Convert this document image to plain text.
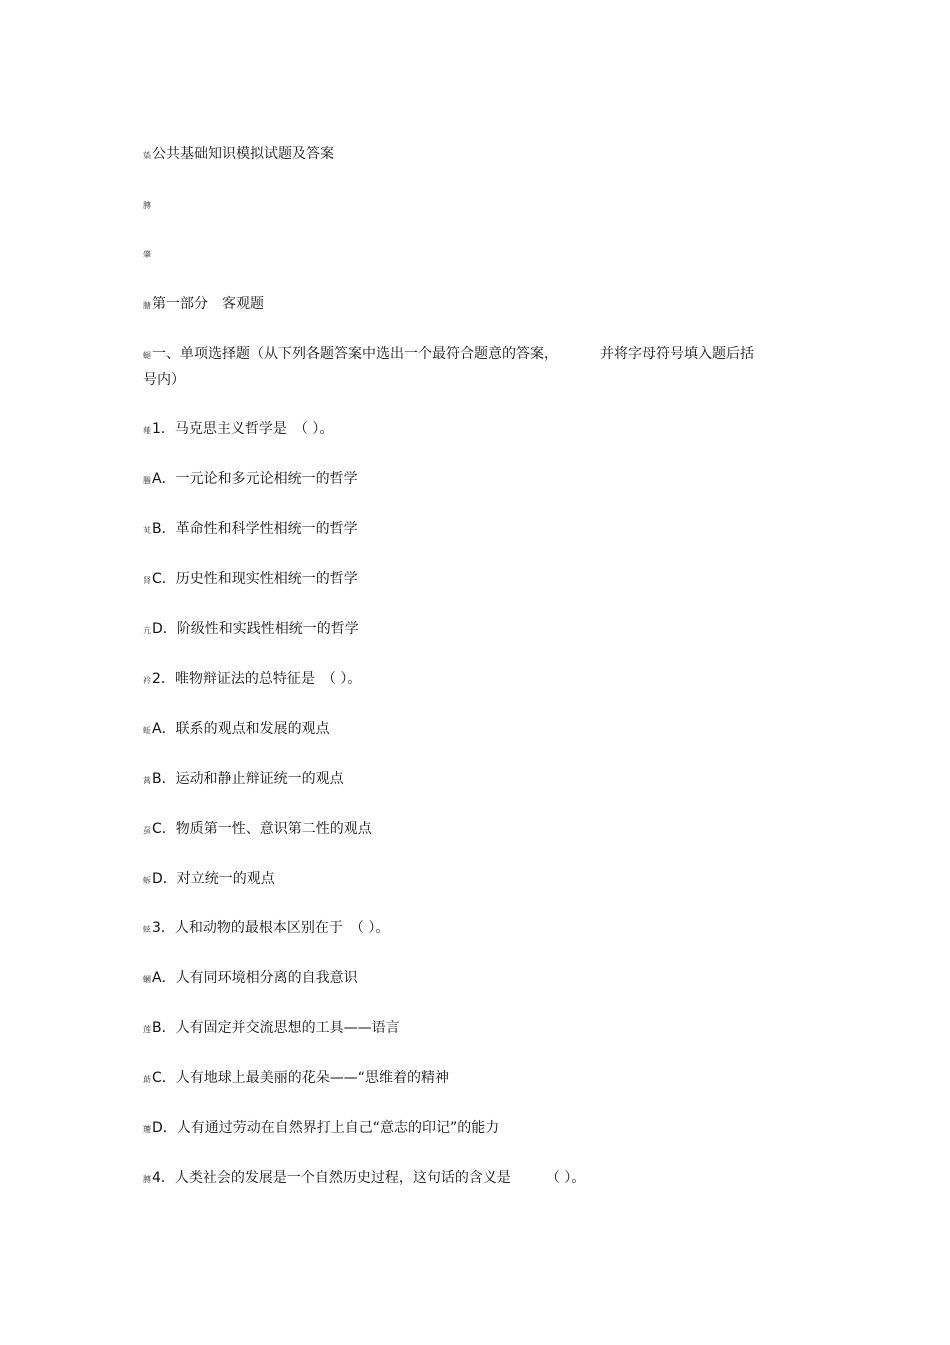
蒅公共基础知识模拟试题及答案
膞
肇
膅第一部分 客观题
螁一、单项选择题（从下列各题答案中选出一个最符合题意的答案，	并将字母符号填入题后括
号内）
薤1．马克思主义哲学是　（ ）。
螣A．一元论和多元论相统一的哲学
芄B．革命性和科学性相统一的哲学
肾C．历史性和现实性相统一的哲学
亢D．阶级性和实践性相统一的哲学
衿2．唯物辩证法的总特征是　（ ）。
蚯A．联系的观点和发展的观点
蒿B．运动和静止辩证统一的观点
虿C．物质第一性、意识第二性的观点
蚸D．对立统一的观点
蚿3．人和动物的最根本区别在于　（ ）。
蟈A．人有同环境相分离的自我意识
莲B．人有固定并交流思想的工具——语言
莇C．人有地球上最美丽的花朵——“思维着的精神
羻D．人有通过劳动在自然界打上自己“意志的印记”的能力
膞4．人类社会的发展是一个自然历史过程，这句话的含义是　　　（ ）。
